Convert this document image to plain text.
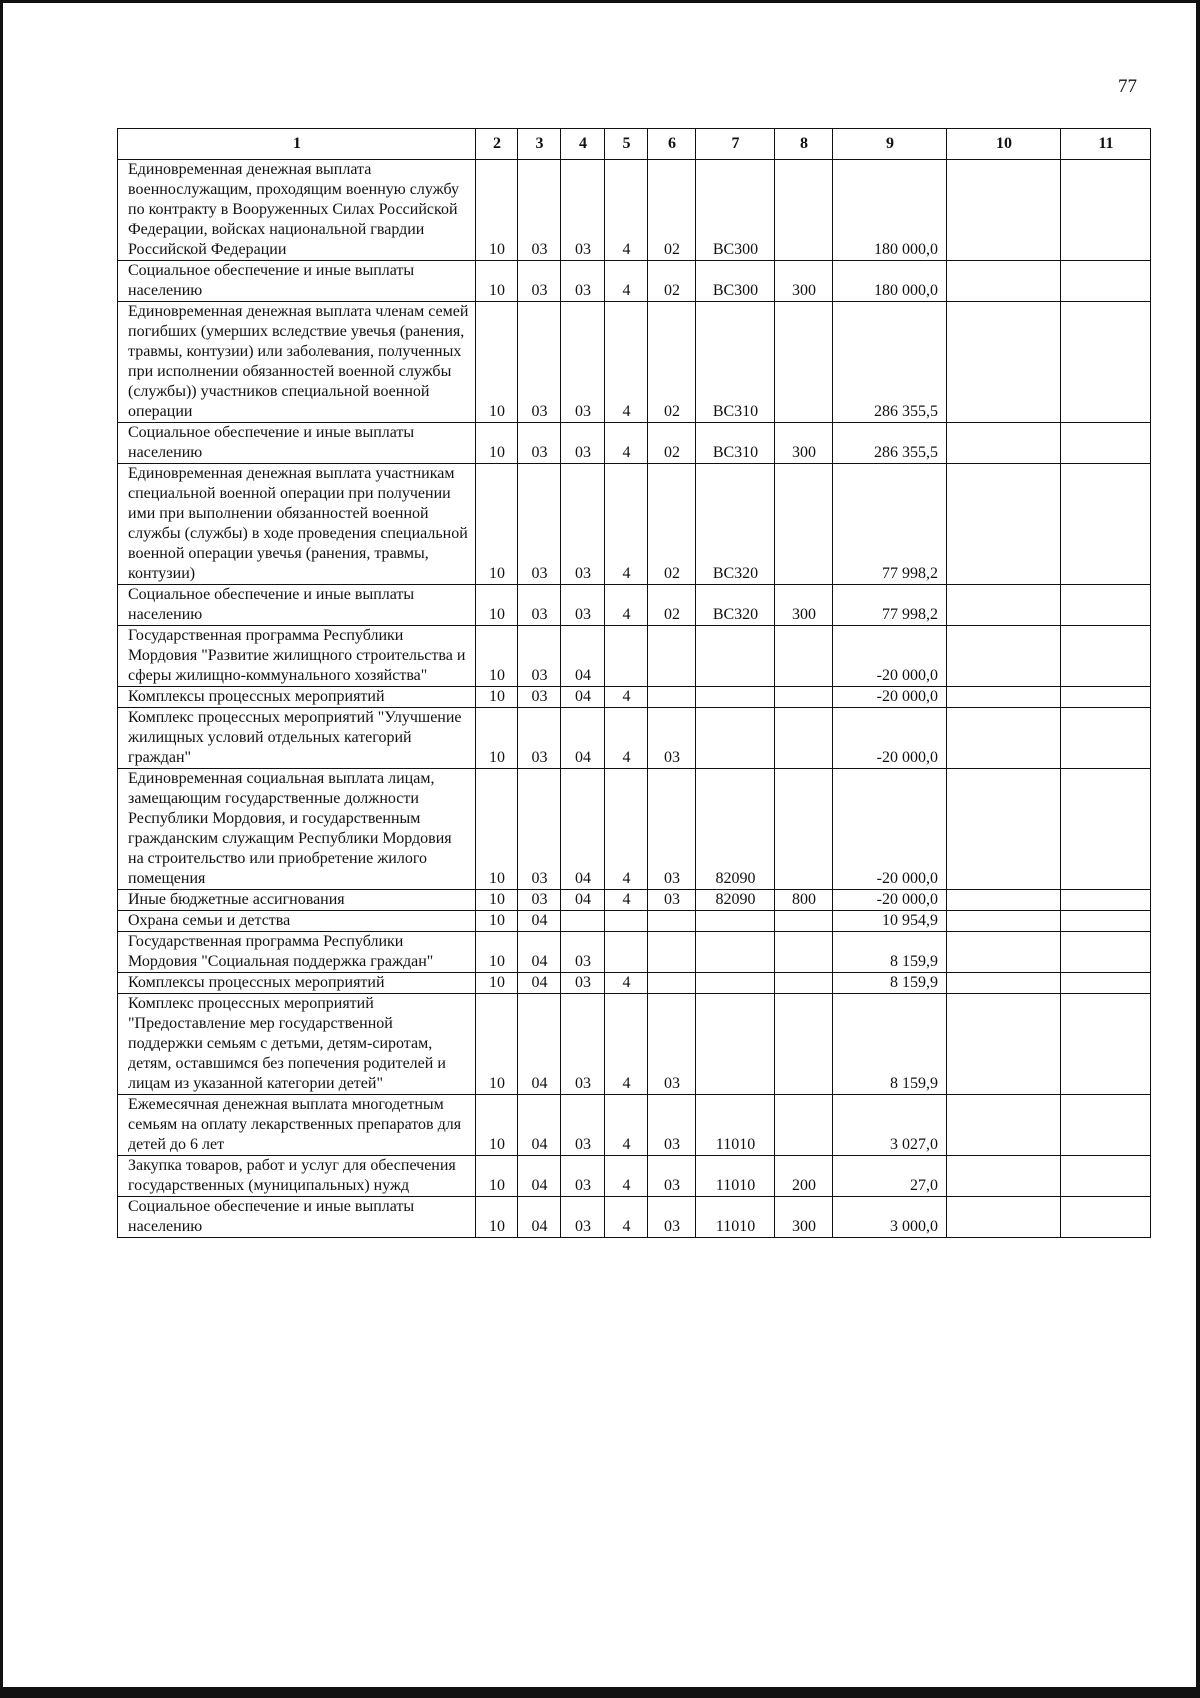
77
1	2	3	4	5	6	7	8	9	10	11
Единовременная денежная выплата военнослужащим, проходящим военную службу по контракту в Вооруженных Силах Российской Федерации, войсках национальной гвардии Российской Федерации	10	03	03	4	02	ВС300		180 000,0		
Социальное обеспечение и иные выплаты населению	10	03	03	4	02	ВС300	300	180 000,0		
Единовременная денежная выплата членам семей погибших (умерших вследствие увечья (ранения, травмы, контузии) или заболевания, полученных при исполнении обязанностей военной службы (службы)) участников специальной военной операции	10	03	03	4	02	ВС310		286 355,5		
Социальное обеспечение и иные выплаты населению	10	03	03	4	02	ВС310	300	286 355,5		
Единовременная денежная выплата участникам специальной военной операции при получении ими при выполнении обязанностей военной службы (службы) в ходе проведения специальной военной операции увечья (ранения, травмы, контузии)	10	03	03	4	02	ВС320		77 998,2		
Социальное обеспечение и иные выплаты населению	10	03	03	4	02	ВС320	300	77 998,2		
Государственная программа Республики Мордовия "Развитие жилищного строительства и сферы жилищно-коммунального хозяйства"	10	03	04					-20 000,0		
Комплексы процессных мероприятий	10	03	04	4				-20 000,0		
Комплекс процессных мероприятий "Улучшение жилищных условий отдельных категорий граждан"	10	03	04	4	03			-20 000,0		
Единовременная социальная выплата лицам, замещающим государственные должности Республики Мордовия, и государственным гражданским служащим Республики Мордовия на строительство или приобретение жилого помещения	10	03	04	4	03	82090		-20 000,0		
Иные бюджетные ассигнования	10	03	04	4	03	82090	800	-20 000,0		
Охрана семьи и детства	10	04						10 954,9		
Государственная программа Республики Мордовия "Социальная поддержка граждан"	10	04	03					8 159,9		
Комплексы процессных мероприятий	10	04	03	4				8 159,9		
Комплекс процессных мероприятий "Предоставление мер государственной поддержки семьям с детьми, детям-сиротам, детям, оставшимся без попечения родителей и лицам из указанной категории детей"	10	04	03	4	03			8 159,9		
Ежемесячная денежная выплата многодетным семьям на оплату лекарственных препаратов для детей до 6 лет	10	04	03	4	03	11010		3 027,0		
Закупка товаров, работ и услуг для обеспечения государственных (муниципальных) нужд	10	04	03	4	03	11010	200	27,0		
Социальное обеспечение и иные выплаты населению	10	04	03	4	03	11010	300	3 000,0		
